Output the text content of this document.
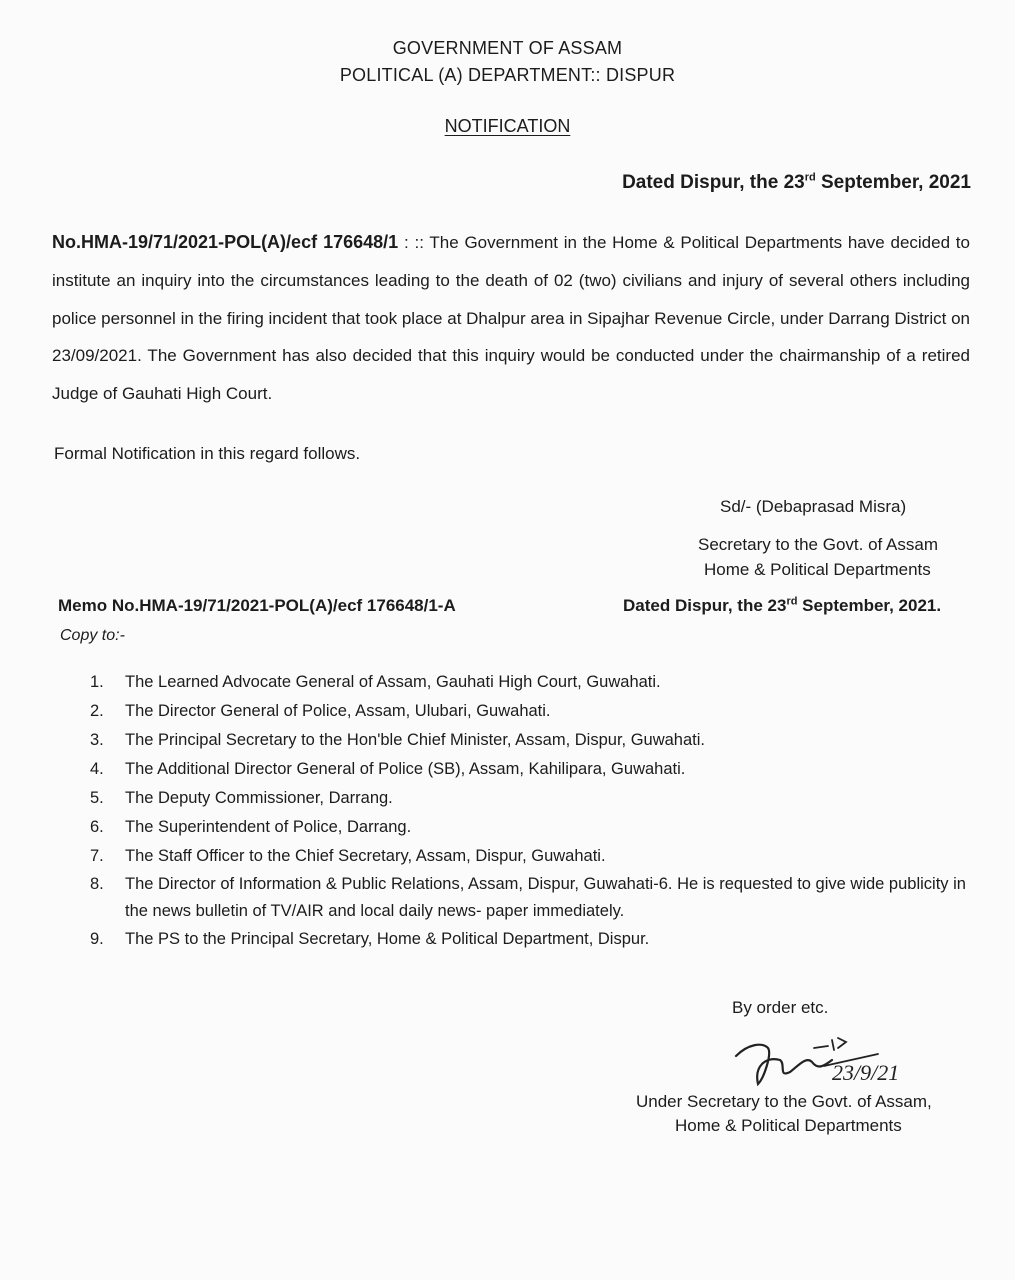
GOVERNMENT OF ASSAM
POLITICAL (A) DEPARTMENT:: DISPUR
NOTIFICATION
Dated Dispur, the 23rd September, 2021
No.HMA-19/71/2021-POL(A)/ecf 176648/1 : :: The Government in the Home & Political Departments have decided to institute an inquiry into the circumstances leading to the death of 02 (two) civilians and injury of several others including police personnel in the firing incident that took place at Dhalpur area in Sipajhar Revenue Circle, under Darrang District on 23/09/2021. The Government has also decided that this inquiry would be conducted under the chairmanship of a retired Judge of Gauhati High Court.
Formal Notification in this regard follows.
Sd/- (Debaprasad Misra)
Secretary to the Govt. of Assam
Home & Political Departments
Memo No.HMA-19/71/2021-POL(A)/ecf 176648/1-A	Dated Dispur, the 23rd September, 2021.
Copy to:-
1. The Learned Advocate General of Assam, Gauhati High Court, Guwahati.
2. The Director General of Police, Assam, Ulubari, Guwahati.
3. The Principal Secretary to the Hon'ble Chief Minister, Assam, Dispur, Guwahati.
4. The Additional Director General of Police (SB), Assam, Kahilipara, Guwahati.
5. The Deputy Commissioner, Darrang.
6. The Superintendent of Police, Darrang.
7. The Staff Officer to the Chief Secretary, Assam, Dispur, Guwahati.
8. The Director of Information & Public Relations, Assam, Dispur, Guwahati-6. He is requested to give wide publicity in the news bulletin of TV/AIR and local daily news- paper immediately.
9. The PS to the Principal Secretary, Home & Political Department, Dispur.
By order etc.
23/9/21
Under Secretary to the Govt. of Assam,
Home & Political Departments
